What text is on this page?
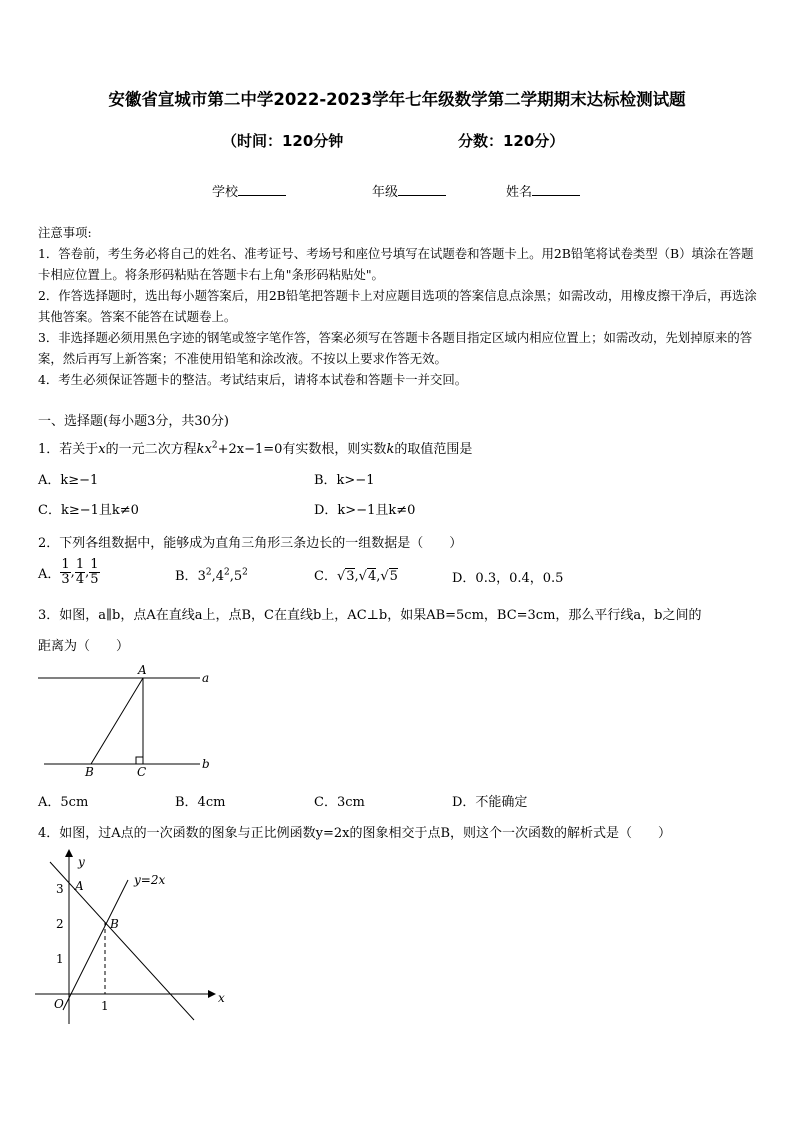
安徽省宣城市第二中学2022-2023学年七年级数学第二学期期末达标检测试题
（时间：120分钟	分数：120分）
学校	年级	姓名
注意事项:
1．答卷前，考生务必将自己的姓名、准考证号、考场号和座位号填写在试题卷和答题卡上。用2B铅笔将试卷类型（B）填涂在答题卡相应位置上。将条形码粘贴在答题卡右上角"条形码粘贴处"。
2．作答选择题时，选出每小题答案后，用2B铅笔把答题卡上对应题目选项的答案信息点涂黑；如需改动，用橡皮擦干净后，再选涂其他答案。答案不能答在试题卷上。
3．非选择题必须用黑色字迹的钢笔或签字笔作答，答案必须写在答题卡各题目指定区域内相应位置上；如需改动，先划掉原来的答案，然后再写上新答案；不准使用铅笔和涂改液。不按以上要求作答无效。
4．考生必须保证答题卡的整洁。考试结束后，请将本试卷和答题卡一并交回。
一、选择题(每小题3分，共30分)
1．若关于x的一元二次方程$kx^2+2x-1=0$有实数根，则实数k的取值范围是
A．k≥−1	B．k>−1
C．k≥−1且k≠0	D．k>−1且k≠0
2．下列各组数据中，能够成为直角三角形三条边长的一组数据是（　　）
A． $\frac{1}{3}$ , $\frac{1}{4}$ , $\frac{1}{5}$	B．$3^2,4^2,5^2$	C．√3,√4,√5	D．0.3，0.4，0.5
3．如图，a∥b，点A在直线a上，点B，C在直线b上，AC⊥b，如果AB=5cm，BC=3cm，那么平行线a，b之间的
距离为（　　）
A
B	C
a
b
A．5cm	B．4cm	C．3cm	D．不能确定
4．如图，过A点的一次函数的图象与正比例函数y=2x的图象相交于点B，则这个一次函数的解析式是（　　）
y
x
O
A
B
y=2x
3
2
1
1
